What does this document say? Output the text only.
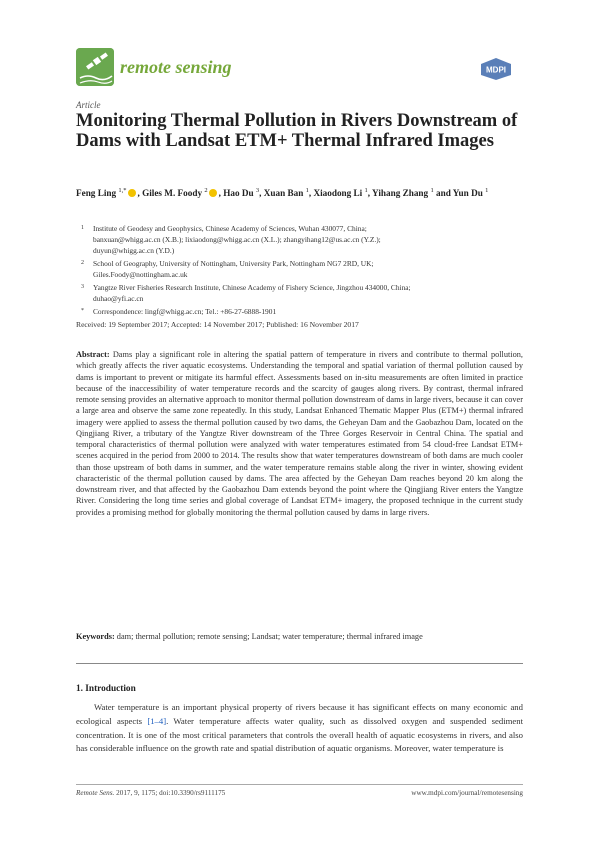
remote sensing	MDPI
Article
Monitoring Thermal Pollution in Rivers Downstream of Dams with Landsat ETM+ Thermal Infrared Images
Feng Ling $^{1,*}$ , Giles M. Foody $^2$ , Hao Du $^3$, Xuan Ban $^1$, Xiaodong Li $^1$, Yihang Zhang $^1$ and Yun Du $^1$
1	Institute of Geodesy and Geophysics, Chinese Academy of Sciences, Wuhan 430077, China;
banxuan@whigg.ac.cn (X.B.); lixiaodong@whigg.ac.cn (X.L.); zhangyihang12@us.ac.cn (Y.Z.);
duyun@whigg.ac.cn (Y.D.)
2	School of Geography, University of Nottingham, University Park, Nottingham NG7 2RD, UK;
Giles.Foody@nottingham.ac.uk
3	Yangtze River Fisheries Research Institute, Chinese Academy of Fishery Science, Jingzhou 434000, China;
duhao@yfi.ac.cn
*	Correspondence: lingf@whigg.ac.cn; Tel.: +86-27-6888-1901
Received: 19 September 2017; Accepted: 14 November 2017; Published: 16 November 2017
Abstract: Dams play a significant role in altering the spatial pattern of temperature in rivers and contribute to thermal pollution, which greatly affects the river aquatic ecosystems. Understanding the temporal and spatial variation of thermal pollution caused by dams is important to prevent or mitigate its harmful effect. Assessments based on in-situ measurements are often limited in practice because of the inaccessibility of water temperature records and the scarcity of gauges along rivers. By contrast, thermal infrared remote sensing provides an alternative approach to monitor thermal pollution downstream of dams in large rivers, because it can cover a large area and observe the same zone repeatedly. In this study, Landsat Enhanced Thematic Mapper Plus (ETM+) thermal infrared imagery were applied to assess the thermal pollution caused by two dams, the Geheyan Dam and the Gaobazhou Dam, located on the Qingjiang River, a tributary of the Yangtze River downstream of the Three Gorges Reservoir in Central China. The spatial and temporal characteristics of thermal pollution were analyzed with water temperatures estimated from 54 cloud-free Landsat ETM+ scenes acquired in the period from 2000 to 2014. The results show that water temperatures downstream of both dams are much cooler than those upstream of both dams in summer, and the water temperature remains stable along the river in winter, showing evident characteristic of the thermal pollution caused by dams. The area affected by the Geheyan Dam reaches beyond 20 km along the downstream river, and that affected by the Gaobazhou Dam extends beyond the point where the Qingjiang River enters the Yangtze River. Considering the long time series and global coverage of Landsat ETM+ imagery, the proposed technique in the current study provides a promising method for globally monitoring the thermal pollution caused by dams in large rivers.
Keywords: dam; thermal pollution; remote sensing; Landsat; water temperature; thermal infrared image
1. Introduction
Water temperature is an important physical property of rivers because it has significant effects on many economic and ecological aspects [1–4]. Water temperature affects water quality, such as dissolved oxygen and suspended sediment concentration. It is one of the most critical parameters that controls the overall health of aquatic ecosystems in rivers, and also has considerable influence on the growth rate and spatial distribution of aquatic organisms. Moreover, water temperature is
Remote Sens. 2017, 9, 1175; doi:10.3390/rs9111175	www.mdpi.com/journal/remotesensing
